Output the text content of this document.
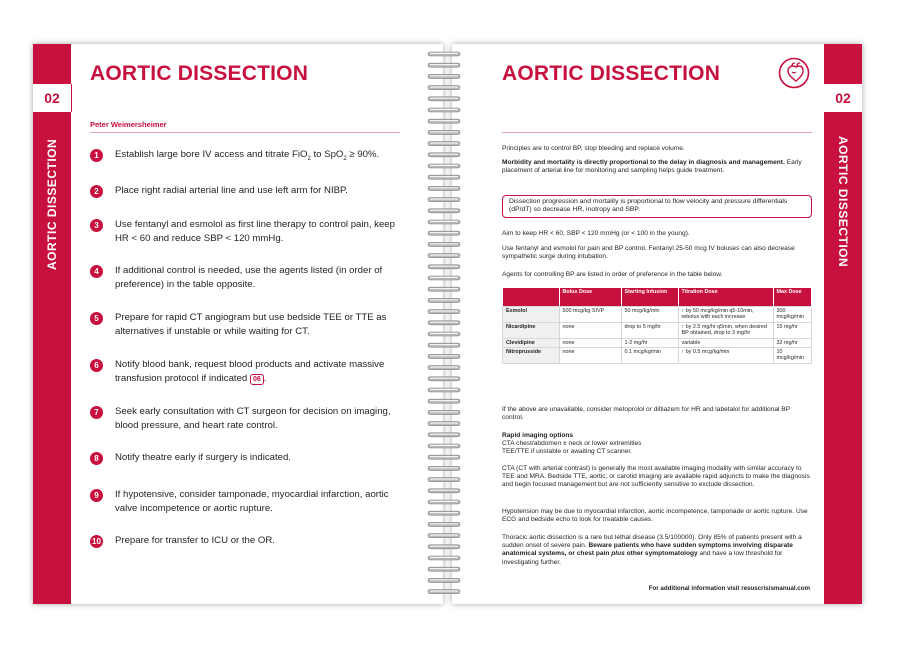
02
AORTIC DISSECTION
AORTIC DISSECTION
Peter Weimersheimer
1	Establish large bore IV access and titrate FiO$_2$ to SpO$_2$ ≥ 90%.
2	Place right radial arterial line and use left arm for NIBP.
3	Use fentanyl and esmolol as first line therapy to control pain, keep HR < 60 and reduce SBP < 120 mmHg.
4	If additional control is needed, use the agents listed (in order of preference) in the table opposite.
5	Prepare for rapid CT angiogram but use bedside TEE or TTE as alternatives if unstable or while waiting for CT.
6	Notify blood bank, request blood products and activate massive transfusion protocol if indicated 06 .
7	Seek early consultation with CT surgeon for decision on imaging, blood pressure, and heart rate control.
8	Notify theatre early if surgery is indicated.
9	If hypotensive, consider tamponade, myocardial infarction, aortic valve incompetence or aortic rupture.
10 Prepare for transfer to ICU or the OR.
02
AORTIC DISSECTION
AORTIC DISSECTION
Principles are to control BP, stop bleeding and replace volume.

Morbidity and mortality is directly proportional to the delay in diagnosis and management. Early placement of arterial line for monitoring and sampling helps guide treatment.

Dissection progression and mortality is proportional to flow velocity and pressure differentials (dP/dT) so decrease HR, inotropy and SBP.
Aim to keep HR < 60, SBP < 120 mmHg (or < 100 in the young).
Use fentanyl and esmolol for pain and BP control. Fentanyl 25-50 mcg IV boluses can also decrease sympathetic surge during intubation.
Agents for controlling BP are listed in order of preference in the table below.
	Bolus Dose	Starting Infusion	Titration Dose	Max Dose
Esmolol	500 mcg/kg SIVP	50 mcg/kg/min	↑ by 50 mcg/kg/min q5-10min, rebolus with each increase	300 mcg/kg/min
Nicardipine	none	drop to 5 mg/hr	↑ by 2.5 mg/hr q5min, when desired BP obtained, drop to 3 mg/hr	15 mg/hr
Clevidipine	none	1-2 mg/hr	variable	32 mg/hr
Nitroprusside	none	0.1 mcg/kg/min	↑ by 0.5 mcg/kg/min	10 mcg/kg/min
If the above are unavailable, consider metoprolol or diltiazem for HR and labetalol for additional BP control.

Rapid imaging options

CTA chest/abdomen ± neck or lower extremities

TEE/TTE if unstable or awaiting CT scanner.

CTA (CT with arterial contrast) is generally the most available imaging modality with similar accuracy to TEE and MRA. Bedside TTE, aortic, or carotid imaging are available rapid adjuncts to make the diagnosis and begin focused management but are not sufficiently sensitive to exclude dissection.
Hypotension may be due to myocardial infarction, aortic incompetence, tamponade or aortic rupture. Use ECG and bedside echo to look for treatable causes.

Thoracic aortic dissection is a rare but lethal disease (3.5/100000). Only 85% of patients present with a sudden onset of severe pain. Beware patients who have sudden symptoms involving disparate anatomical systems, or chest pain plus other symptomatology and have a low threshold for investigating further.

For additional information visit resuscrisismanual.com
